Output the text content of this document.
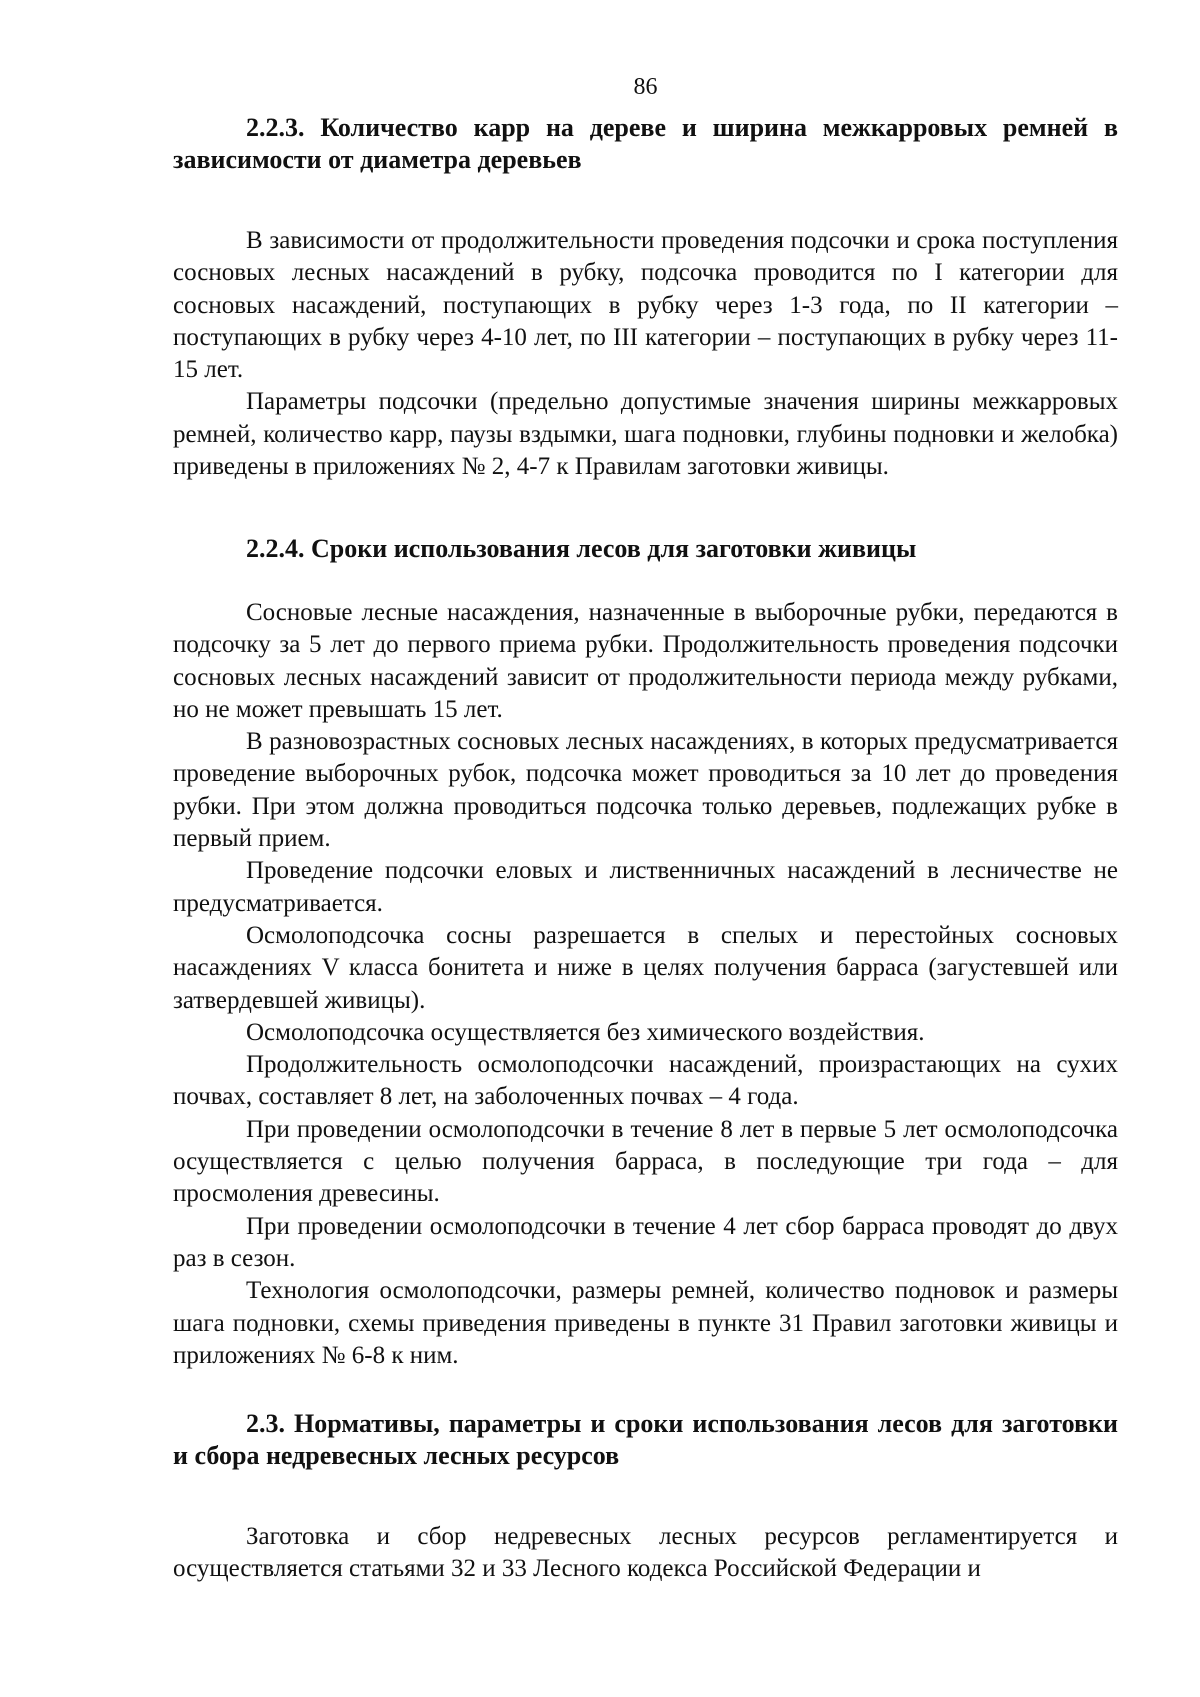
86

2.2.3. Количество карр на дереве и ширина межкарровых ремней в зависимости от диаметра деревьев

В зависимости от продолжительности проведения подсочки и срока поступления сосновых лесных насаждений в рубку, подсочка проводится по I категории для сосновых насаждений, поступающих в рубку через 1-3 года, по II категории – поступающих в рубку через 4-10 лет, по III категории – поступающих в рубку через 11-15 лет.

Параметры подсочки (предельно допустимые значения ширины межкарровых ремней, количество карр, паузы вздымки, шага подновки, глубины подновки и желобка) приведены в приложениях № 2, 4-7 к Правилам заготовки живицы.

2.2.4. Сроки использования лесов для заготовки живицы

Сосновые лесные насаждения, назначенные в выборочные рубки, передаются в подсочку за 5 лет до первого приема рубки. Продолжительность проведения подсочки сосновых лесных насаждений зависит от продолжительности периода между рубками, но не может превышать 15 лет.

В разновозрастных сосновых лесных насаждениях, в которых предусматривается проведение выборочных рубок, подсочка может проводиться за 10 лет до проведения рубки. При этом должна проводиться подсочка только деревьев, подлежащих рубке в первый прием.

Проведение подсочки еловых и лиственничных насаждений в лесничестве не предусматривается.

Осмолоподсочка сосны разрешается в спелых и перестойных сосновых насаждениях V класса бонитета и ниже в целях получения барраса (загустевшей или затвердевшей живицы).

Осмолоподсочка осуществляется без химического воздействия.

Продолжительность осмолоподсочки насаждений, произрастающих на сухих почвах, составляет 8 лет, на заболоченных почвах – 4 года.

При проведении осмолоподсочки в течение 8 лет в первые 5 лет осмолоподсочка осуществляется с целью получения барраса, в последующие три года – для просмоления древесины.

При проведении осмолоподсочки в течение 4 лет сбор барраса проводят до двух раз в сезон.

Технология осмолоподсочки, размеры ремней, количество подновок и размеры шага подновки, схемы приведения приведены в пункте 31 Правил заготовки живицы и приложениях № 6-8 к ним.

2.3. Нормативы, параметры и сроки использования лесов для заготовки и сбора недревесных лесных ресурсов

Заготовка и сбор недревесных лесных ресурсов регламентируется и осуществляется статьями 32 и 33 Лесного кодекса Российской Федерации и
